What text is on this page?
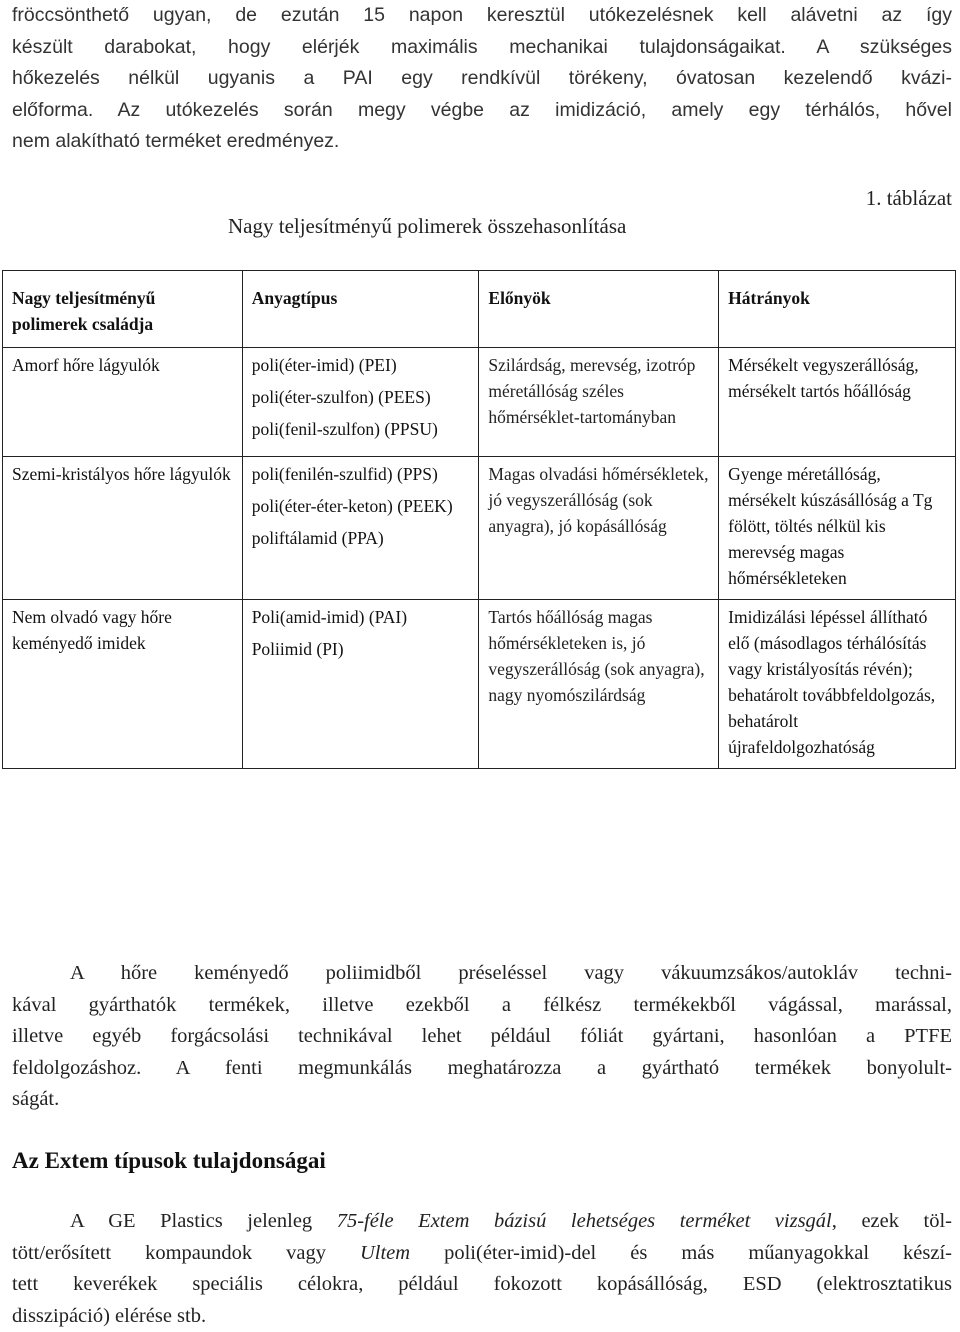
fröccsönthető ugyan, de ezután 15 napon keresztül utókezelésnek kell alávetni az így
készült darabokat, hogy elérjék maximális mechanikai tulajdonságaikat. A szükséges
hőkezelés nélkül ugyanis a PAI egy rendkívül törékeny, óvatosan kezelendő kvázi-
előforma. Az utókezelés során megy végbe az imidizáció, amely egy térhálós, hővel
nem alakítható terméket eredményez.
1. táblázat
Nagy teljesítményű polimerek összehasonlítása
Nagy teljesítményű polimerek családja	Anyagtípus	Előnyök	Hátrányok
Amorf hőre lágyulók	poli(éter-imid) (PEI)
poli(éter-szulfon) (PEES)
poli(fenil-szulfon) (PPSU)	Szilárdság, merevség, izotróp méretállóság széles hőmérséklet-tartományban	Mérsékelt vegyszerállóság, mérsékelt tartós hőállóság
Szemi-kristályos hőre lágyulók	poli(fenilén-szulfid) (PPS)
poli(éter-éter-keton) (PEEK)
poliftálamid (PPA)	Magas olvadási hőmérsékletek, jó vegyszerállóság (sok anyagra), jó kopásállóság	Gyenge méretállóság, mérsékelt kúszásállóság a Tg fölött, töltés nélkül kis merevség magas hőmérsékleteken
Nem olvadó vagy hőre keményedő imidek	Poli(amid-imid) (PAI)
Poliimid (PI)	Tartós hőállóság magas hőmérsékleteken is, jó vegyszerállóság (sok anyagra), nagy nyomószilárdság	Imidizálási lépéssel állítható elő (másodlagos térhálósítás vagy kristályosítás révén); behatárolt továbbfeldolgozás, behatárolt újrafeldolgozhatóság
A hőre keményedő poliimidből préseléssel vagy vákuumzsákos/autokláv techni-
kával gyárthatók termékek, illetve ezekből a félkész termékekből vágással, marással,
illetve egyéb forgácsolási technikával lehet például fóliát gyártani, hasonlóan a PTFE
feldolgozáshoz. A fenti megmunkálás meghatározza a gyártható termékek bonyolult-
ságát.
Az Extem típusok tulajdonságai
A GE Plastics jelenleg 75-féle Extem bázisú lehetséges terméket vizsgál, ezek töl-
tött/erősített kompaundok vagy Ultem poli(éter-imid)-del és más műanyagokkal készí-
tett keverékek speciális célokra, például fokozott kopásállóság, ESD (elektrosztatikus
disszipáció) elérése stb.
